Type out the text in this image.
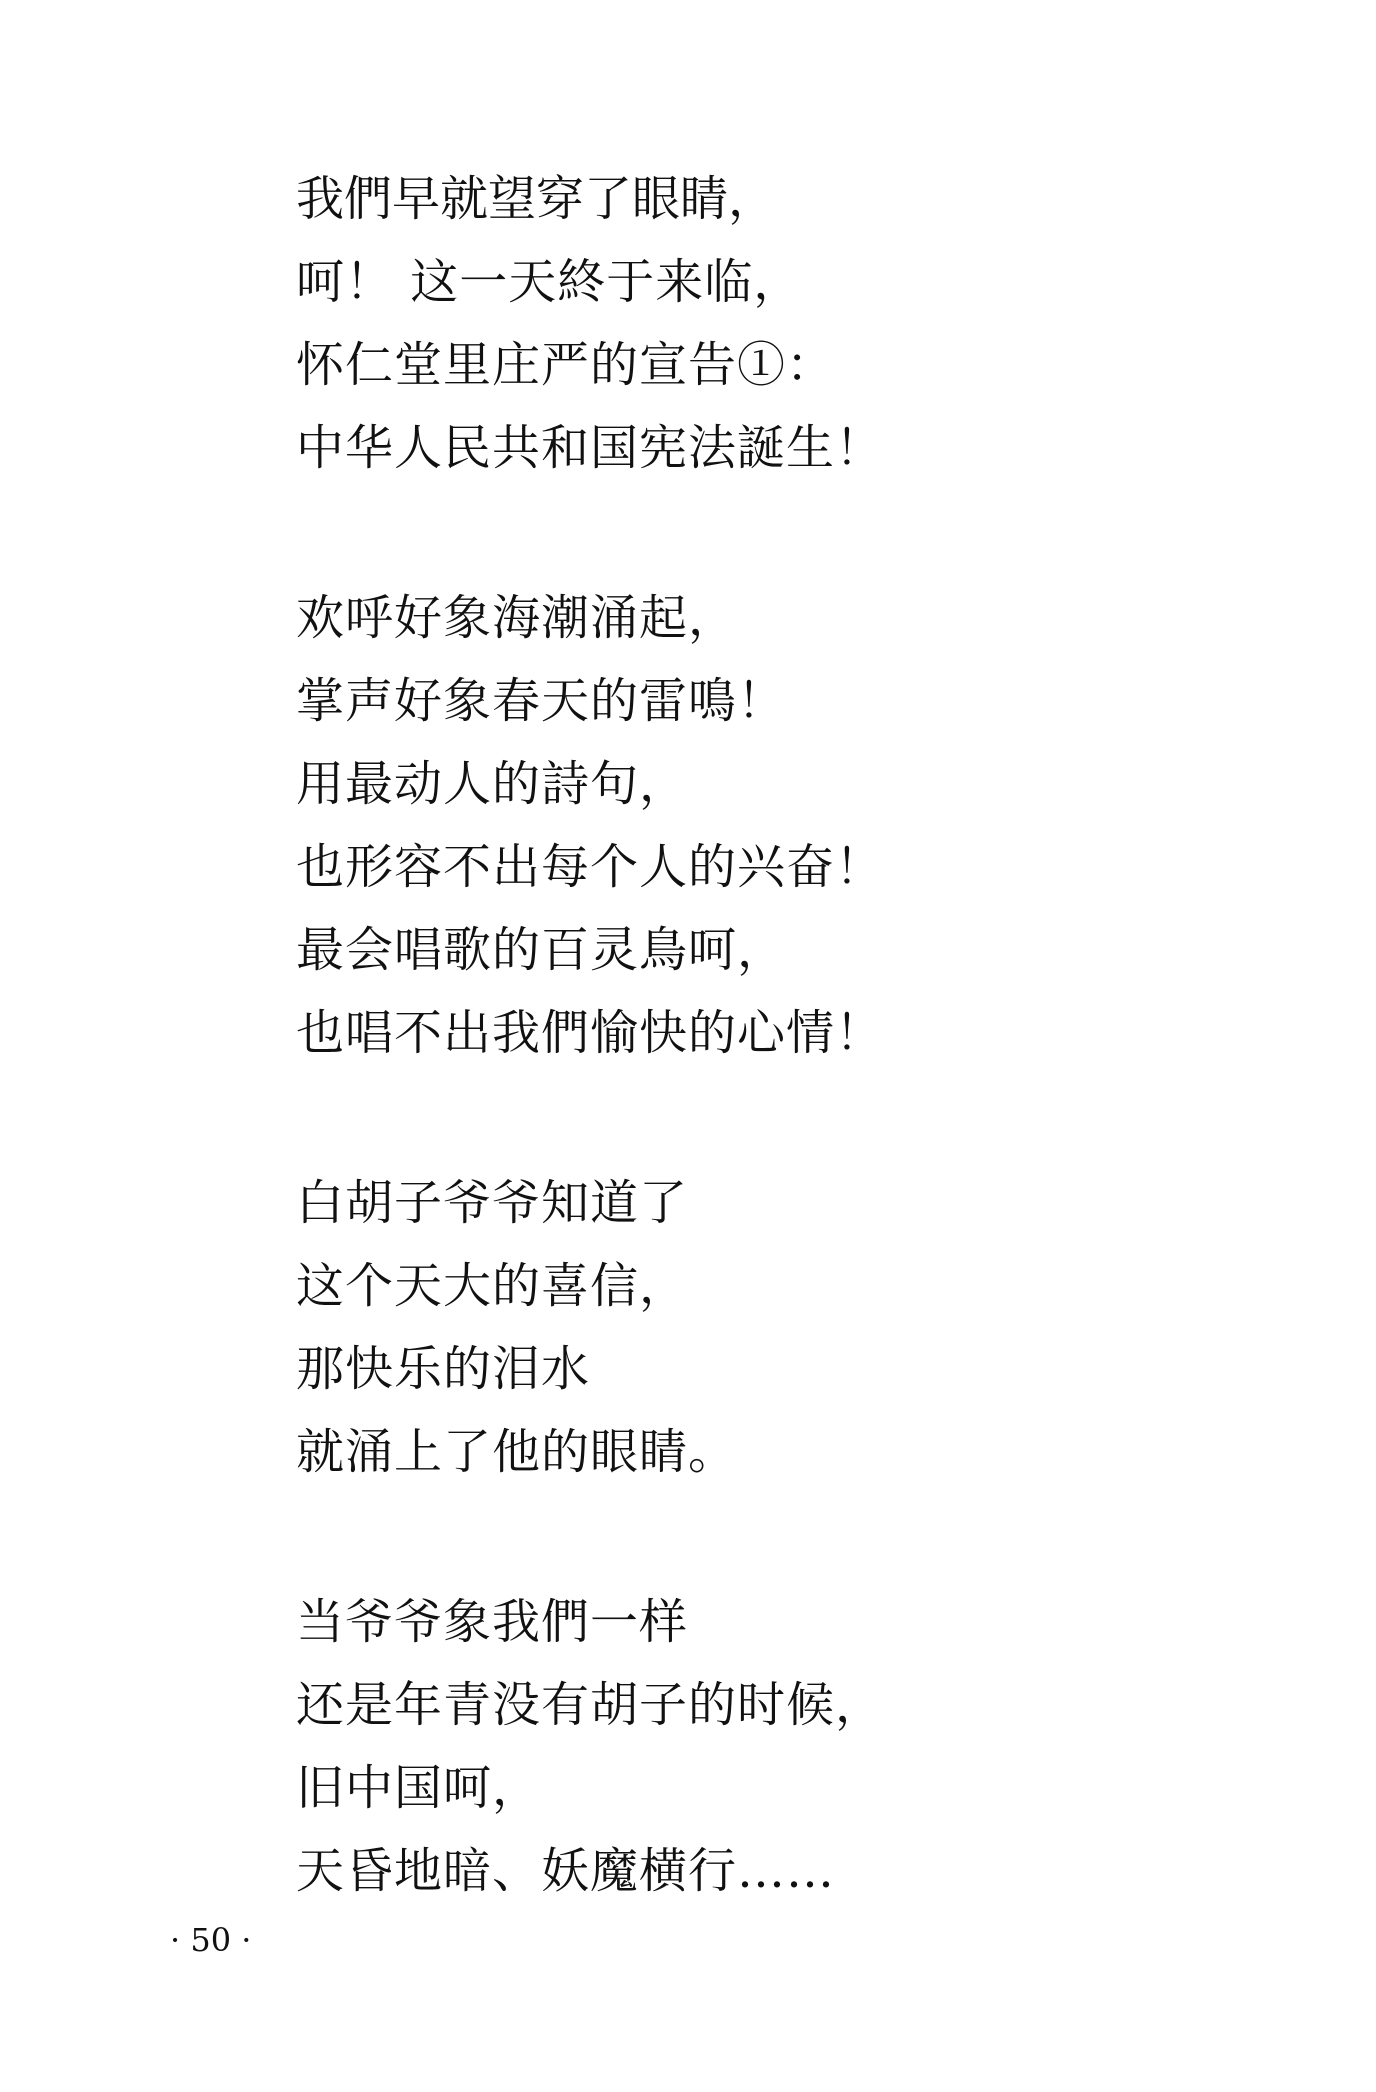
我們早就望穿了眼睛，
呵！ 这一天終于来临，
怀仁堂里庄严的宣告①：
中华人民共和国宪法誕生！
欢呼好象海潮涌起，
掌声好象春天的雷鳴！
用最动人的詩句，
也形容不出每个人的兴奋！
最会唱歌的百灵鳥呵，
也唱不出我們愉快的心情！
白胡子爷爷知道了
这个天大的喜信，
那快乐的泪水
就涌上了他的眼睛。
当爷爷象我們一样
还是年青没有胡子的时候，
旧中国呵，
天昏地暗、妖魔横行……
· 50 ·
